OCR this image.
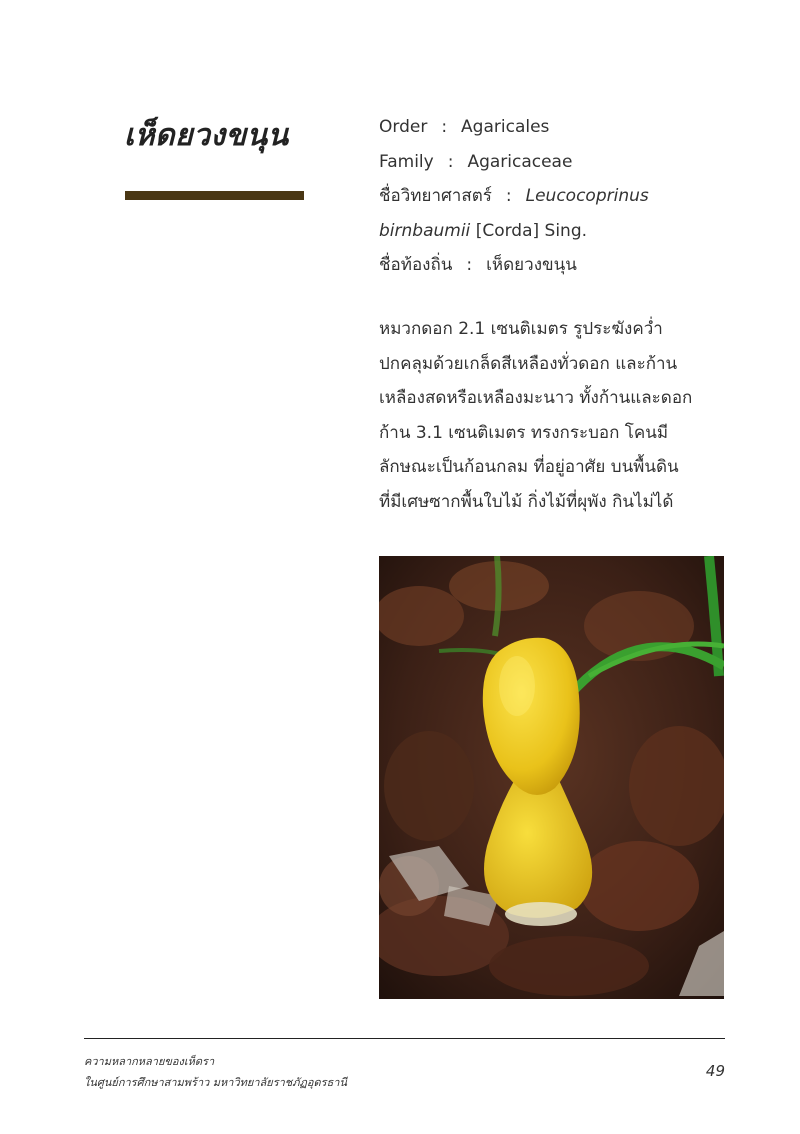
เห็ดยวงขนุน	Order : Agaricales
Family : Agaricaceae
ชื่อวิทยาศาสตร์ : Leucocoprinus
birnbaumii [Corda] Sing.
ชื่อท้องถิ่น : เห็ดยวงขนุน
หมวกดอก 2.1 เซนติเมตร รูประฆังคว่ำ
ปกคลุมด้วยเกล็ดสีเหลืองทั่วดอก และก้าน
เหลืองสดหรือเหลืองมะนาว ทั้งก้านและดอก
ก้าน 3.1 เซนติเมตร ทรงกระบอก โคนมี
ลักษณะเป็นก้อนกลม ที่อยู่อาศัย บนพื้นดิน
ที่มีเศษซากพื้นใบไม้ กิ่งไม้ที่ผุพัง กินไม่ได้
ความหลากหลายของเห็ดรา
ในศูนย์การศึกษาสามพร้าว มหาวิทยาลัยราชภัฏอุดรธานี
49
